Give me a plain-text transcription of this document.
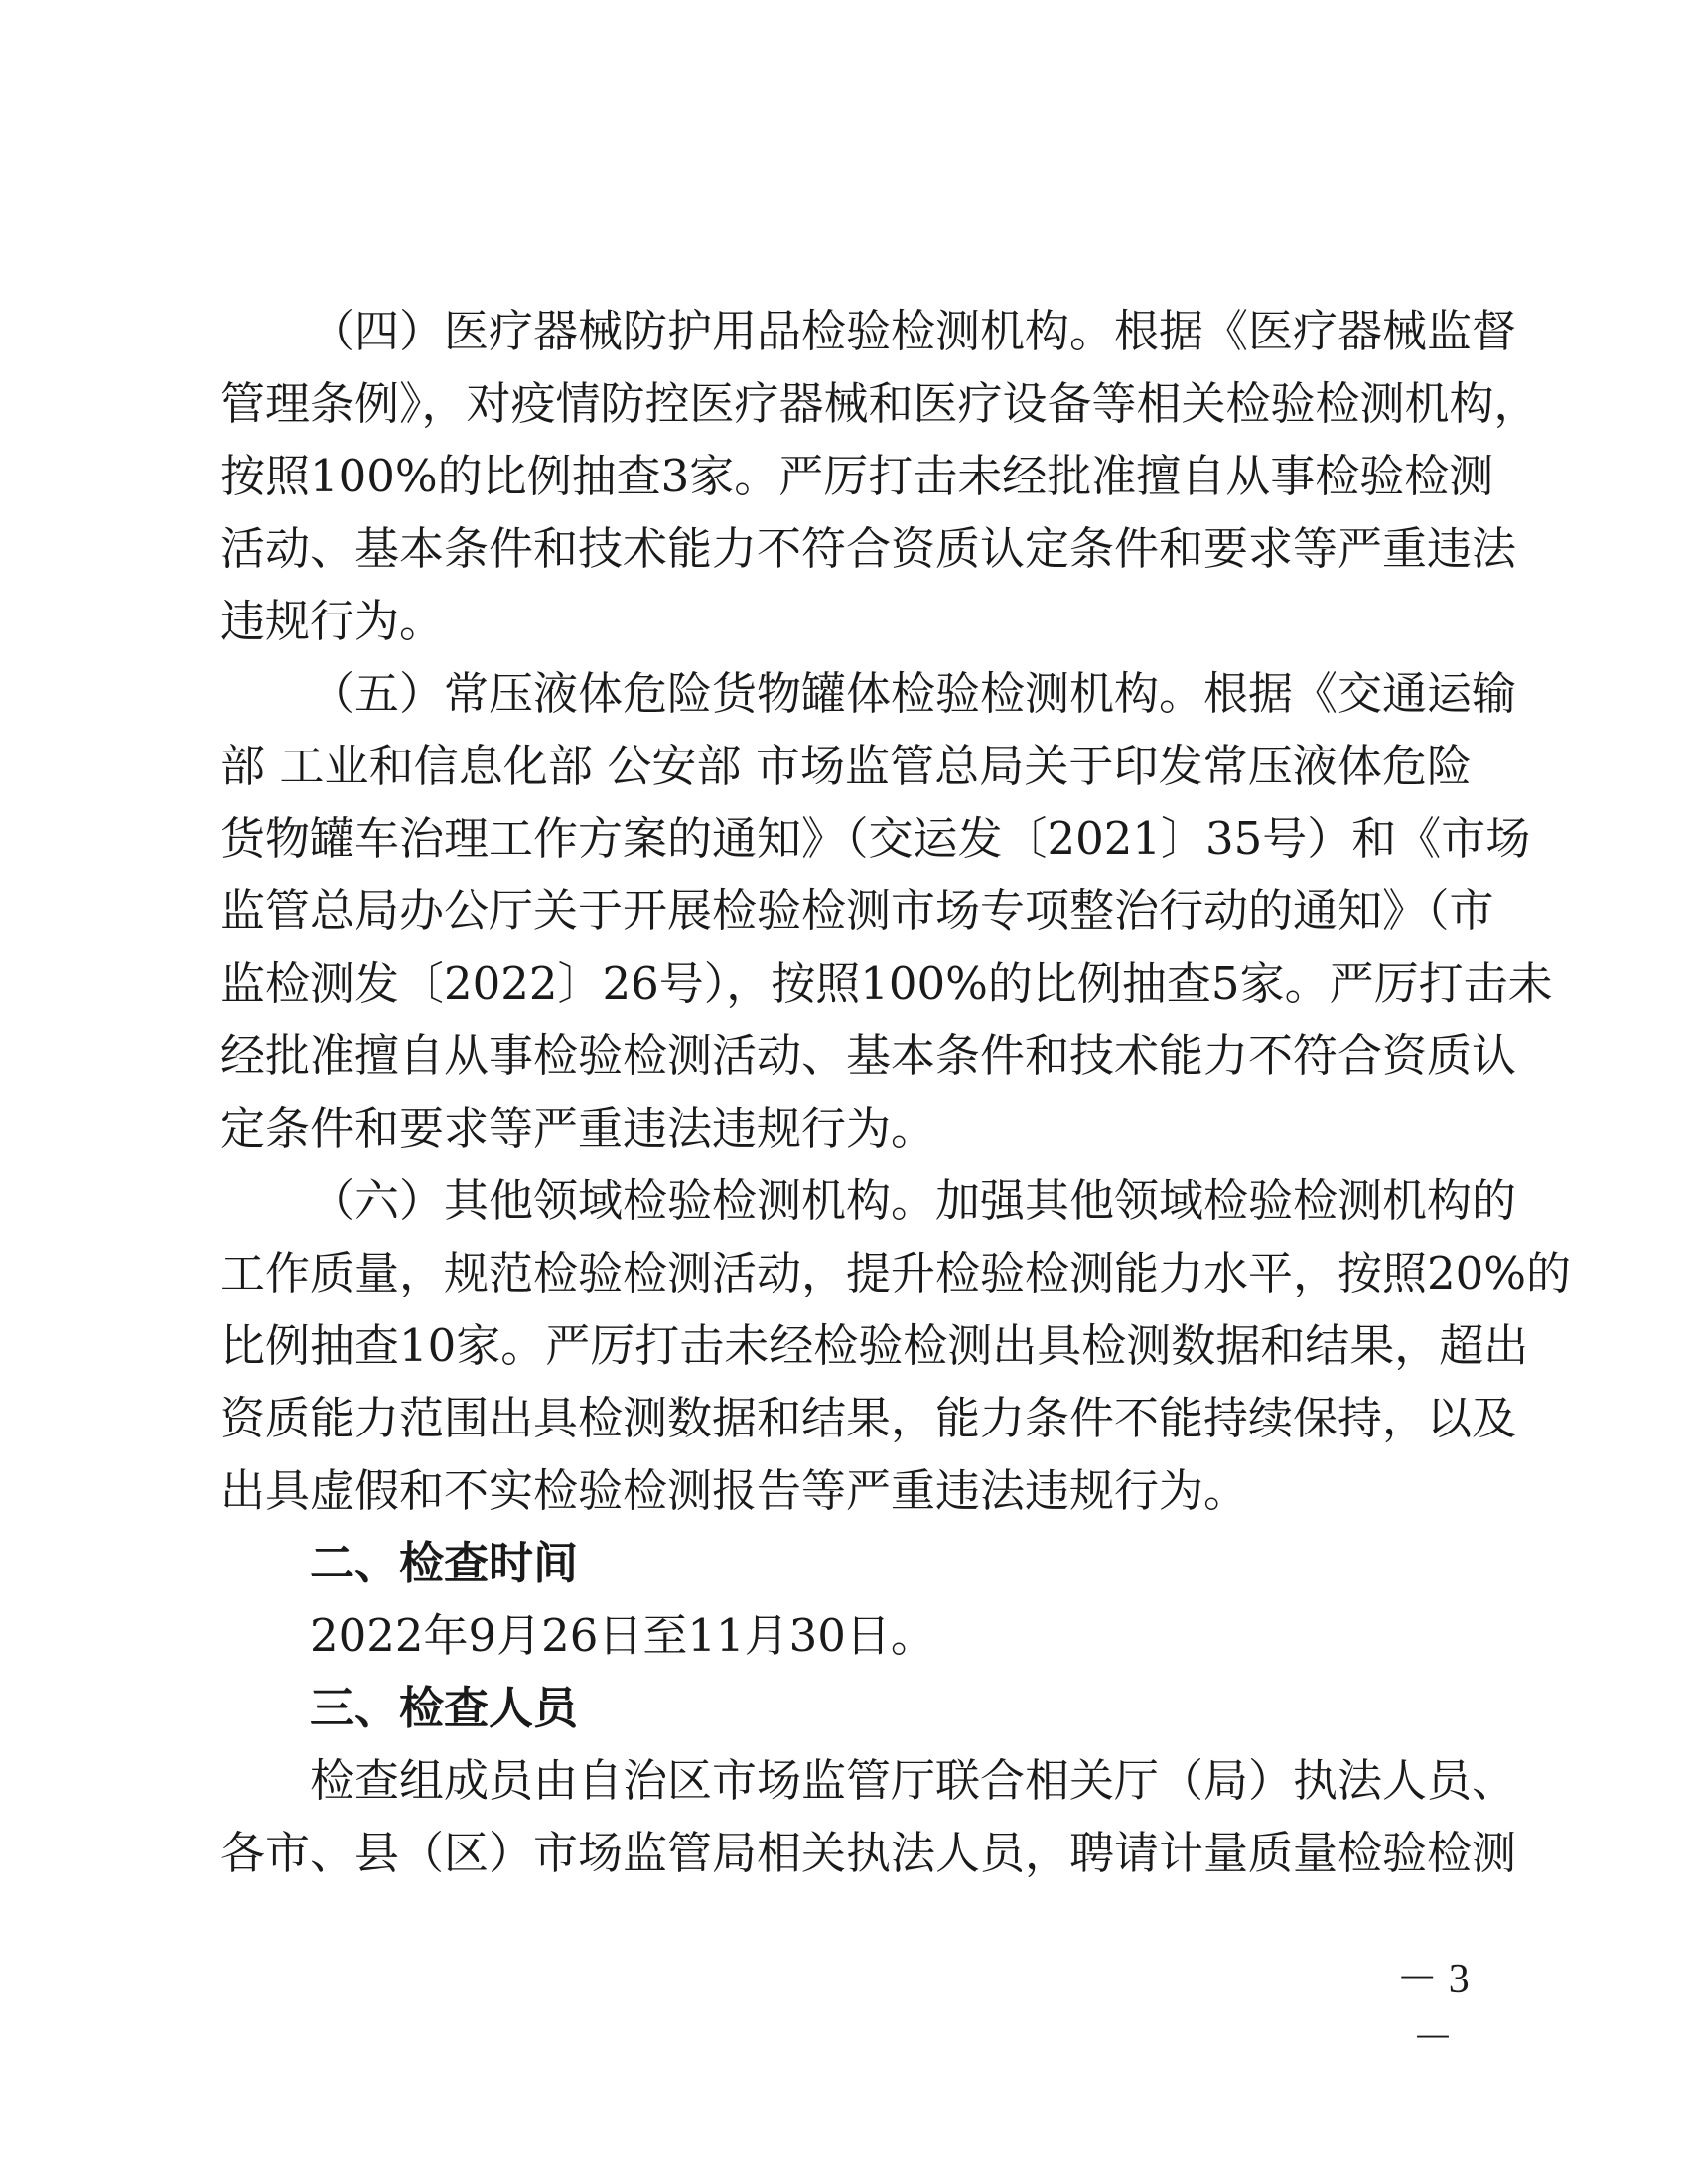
（四）医疗器械防护用品检验检测机构。根据《医疗器械监督
管理条例》，对疫情防控医疗器械和医疗设备等相关检验检测机构，
按照100%的比例抽查3家。严厉打击未经批准擅自从事检验检测
活动、基本条件和技术能力不符合资质认定条件和要求等严重违法
违规行为。
（五）常压液体危险货物罐体检验检测机构。根据《交通运输
部 工业和信息化部 公安部 市场监管总局关于印发常压液体危险
货物罐车治理工作方案的通知》（交运发〔2021〕35号）和《市场
监管总局办公厅关于开展检验检测市场专项整治行动的通知》（市
监检测发〔2022〕26号），按照100%的比例抽查5家。严厉打击未
经批准擅自从事检验检测活动、基本条件和技术能力不符合资质认
定条件和要求等严重违法违规行为。
（六）其他领域检验检测机构。加强其他领域检验检测机构的
工作质量，规范检验检测活动，提升检验检测能力水平，按照20%的
比例抽查10家。严厉打击未经检验检测出具检测数据和结果，超出
资质能力范围出具检测数据和结果，能力条件不能持续保持，以及
出具虚假和不实检验检测报告等严重违法违规行为。
二、检查时间
2022年9月26日至11月30日。
三、检查人员
检查组成员由自治区市场监管厅联合相关厅（局）执法人员、
各市、县（区）市场监管局相关执法人员，聘请计量质量检验检测
－ 3 －
